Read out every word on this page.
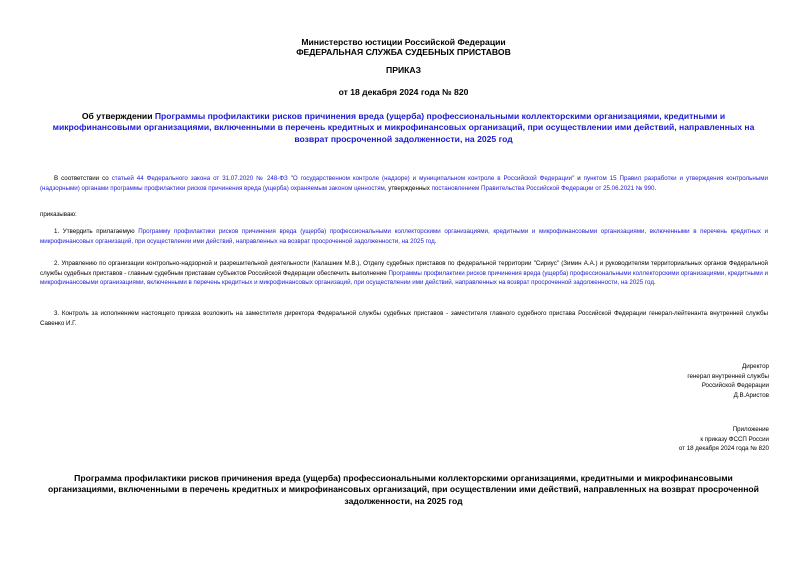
Министерство юстиции Российской Федерации
ФЕДЕРАЛЬНАЯ СЛУЖБА СУДЕБНЫХ ПРИСТАВОВ
ПРИКАЗ
от 18 декабря 2024 года № 820
Об утверждении Программы профилактики рисков причинения вреда (ущерба) профессиональными коллекторскими организациями, кредитными и микрофинансовыми организациями, включенными в перечень кредитных и микрофинансовых организаций, при осуществлении ими действий, направленных на возврат просроченной задолженности, на 2025 год
В соответствии со статьей 44 Федерального закона от 31.07.2020 № 248-ФЗ "О государственном контроле (надзоре) и муниципальном контроле в Российской Федерации" и пунктом 15 Правил разработки и утверждения контрольными (надзорными) органами программы профилактики рисков причинения вреда (ущерба) охраняемым законом ценностям, утвержденных постановлением Правительства Российской Федерации от 25.06.2021 № 990.
приказываю:
1. Утвердить прилагаемую Программу профилактики рисков причинения вреда (ущерба) профессиональными коллекторскими организациями, кредитными и микрофинансовыми организациями, включенными в перечень кредитных и микрофинансовых организаций, при осуществлении ими действий, направленных на возврат просроченной задолженности, на 2025 год.
2. Управлению по организации контрольно-надзорной и разрешительной деятельности (Калашник М.В.), Отделу судебных приставов по федеральной территории "Сириус" (Зимин А.А.) и руководителям территориальных органов Федеральной службы судебных приставов - главным судебным приставам субъектов Российской Федерации обеспечить выполнение Программы профилактики рисков причинения вреда (ущерба) профессиональными коллекторскими организациями, кредитными и микрофинансовыми организациями, включенными в перечень кредитных и микрофинансовых организаций, при осуществлении ими действий, направленных на возврат просроченной задолженности, на 2025 год.
3. Контроль за исполнением настоящего приказа возложить на заместителя директора Федеральной службы судебных приставов - заместителя главного судебного пристава Российской Федерации генерал-лейтенанта внутренней службы Савенко И.Г.
Директор
генерал внутренней службы
Российской Федерации
Д.В.Аристов
Приложение
к приказу ФССП России
от 18 декабря 2024 года № 820
Программа профилактики рисков причинения вреда (ущерба) профессиональными коллекторскими организациями, кредитными и микрофинансовыми организациями, включенными в перечень кредитных и микрофинансовых организаций, при осуществлении ими действий, направленных на возврат просроченной задолженности, на 2025 год
